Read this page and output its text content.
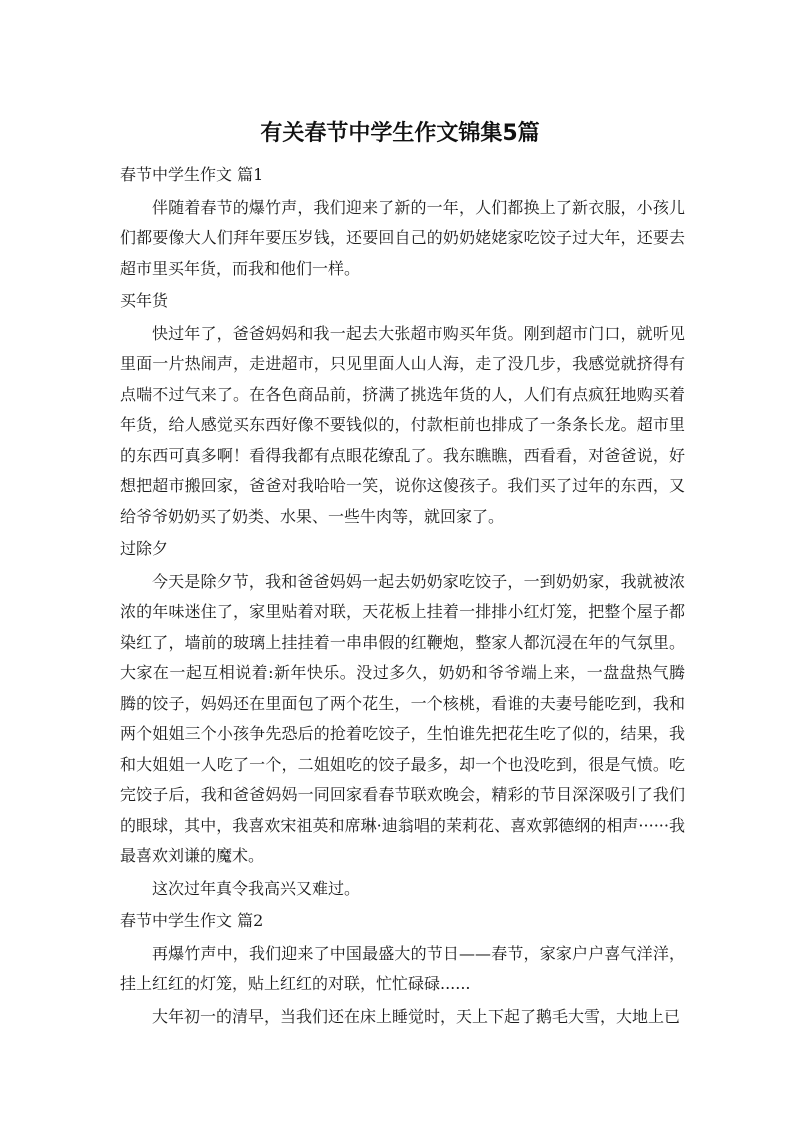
有关春节中学生作文锦集5篇

春节中学生作文 篇1

伴随着春节的爆竹声，我们迎来了新的一年，人们都换上了新衣服，小孩儿们都要像大人们拜年要压岁钱，还要回自己的奶奶姥姥家吃饺子过大年，还要去超市里买年货，而我和他们一样。

买年货

快过年了，爸爸妈妈和我一起去大张超市购买年货。刚到超市门口，就听见里面一片热闹声，走进超市，只见里面人山人海，走了没几步，我感觉就挤得有点喘不过气来了。在各色商品前，挤满了挑选年货的人，人们有点疯狂地购买着年货，给人感觉买东西好像不要钱似的，付款柜前也排成了一条条长龙。超市里的东西可真多啊！看得我都有点眼花缭乱了。我东瞧瞧，西看看，对爸爸说，好想把超市搬回家，爸爸对我哈哈一笑，说你这傻孩子。我们买了过年的东西，又给爷爷奶奶买了奶类、水果、一些牛肉等，就回家了。

过除夕

今天是除夕节，我和爸爸妈妈一起去奶奶家吃饺子，一到奶奶家，我就被浓浓的年味迷住了，家里贴着对联，天花板上挂着一排排小红灯笼，把整个屋子都染红了，墙前的玻璃上挂挂着一串串假的红鞭炮，整家人都沉浸在年的气氛里。大家在一起互相说着:新年快乐。没过多久，奶奶和爷爷端上来，一盘盘热气腾腾的饺子，妈妈还在里面包了两个花生，一个核桃，看谁的夫妻号能吃到，我和两个姐姐三个小孩争先恐后的抢着吃饺子，生怕谁先把花生吃了似的，结果，我和大姐姐一人吃了一个，二姐姐吃的饺子最多，却一个也没吃到，很是气愤。吃完饺子后，我和爸爸妈妈一同回家看春节联欢晚会，精彩的节目深深吸引了我们的眼球，其中，我喜欢宋祖英和席琳·迪翁唱的茉莉花、喜欢郭德纲的相声······我最喜欢刘谦的魔术。

这次过年真令我高兴又难过。

春节中学生作文 篇2

再爆竹声中，我们迎来了中国最盛大的节日——春节，家家户户喜气洋洋，挂上红红的灯笼，贴上红红的对联，忙忙碌碌......

大年初一的清早，当我们还在床上睡觉时，天上下起了鹅毛大雪，大地上已
